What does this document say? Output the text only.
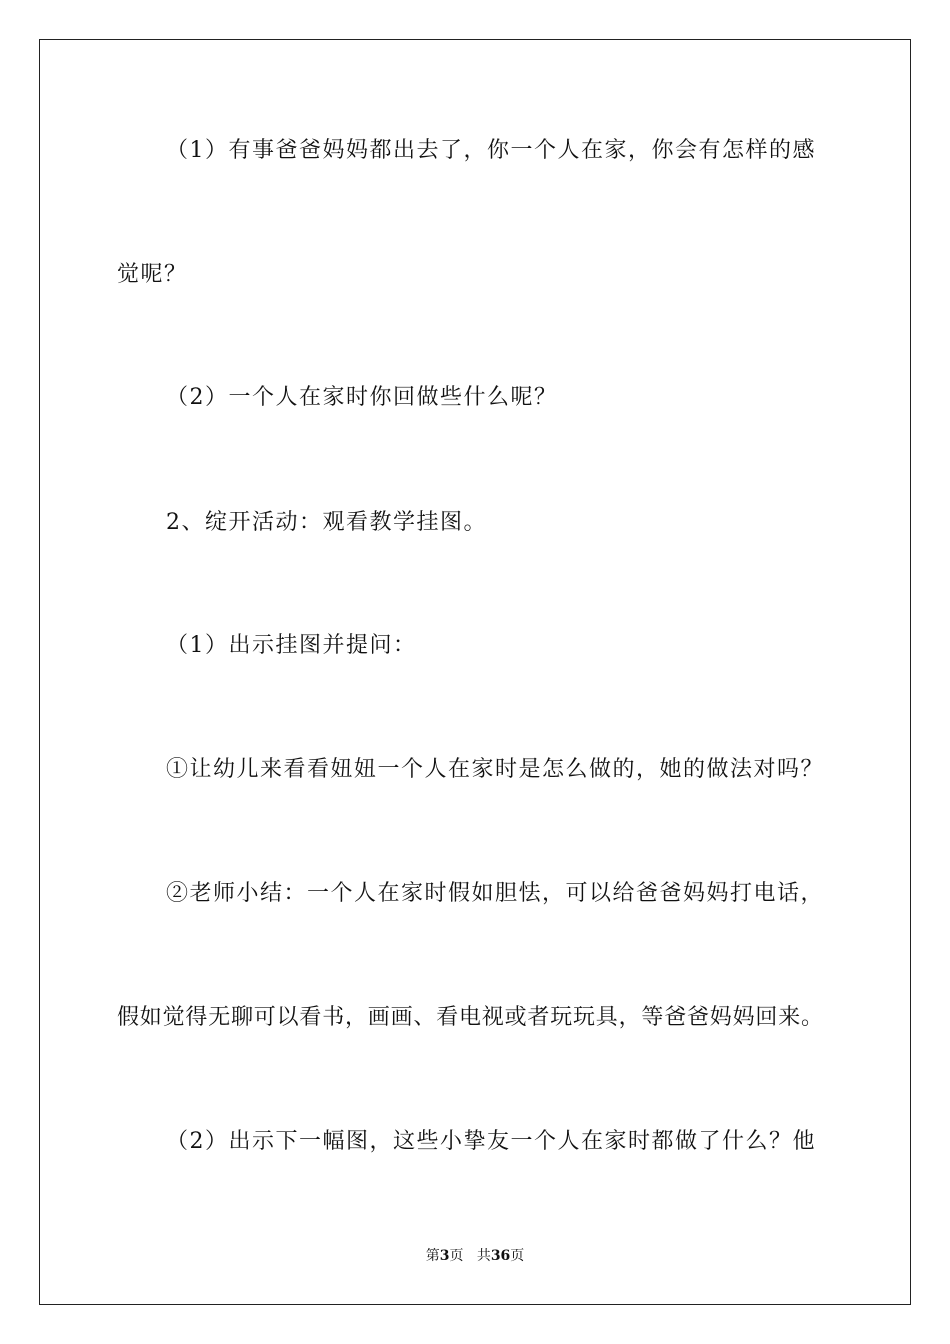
（1）有事爸爸妈妈都出去了，你一个人在家，你会有怎样的感
觉呢？
（2）一个人在家时你回做些什么呢？
2、绽开活动：观看教学挂图。
（1）出示挂图并提问：
①让幼儿来看看妞妞一个人在家时是怎么做的，她的做法对吗？
②老师小结：一个人在家时假如胆怯，可以给爸爸妈妈打电话，
假如觉得无聊可以看书，画画、看电视或者玩玩具，等爸爸妈妈回来。
（2）出示下一幅图，这些小挚友一个人在家时都做了什么？他
第3页 共36页
